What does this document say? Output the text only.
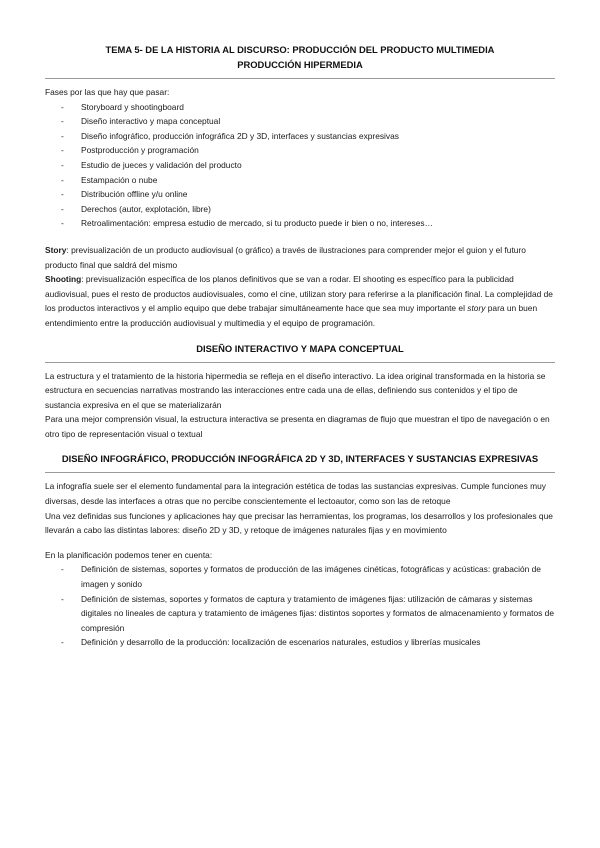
TEMA 5- DE LA HISTORIA AL DISCURSO: PRODUCCIÓN DEL PRODUCTO MULTIMEDIA
PRODUCCIÓN HIPERMEDIA

Fases por las que hay que pasar:

- Storyboard y shootingboard
- Diseño interactivo y mapa conceptual
- Diseño infográfico, producción infográfica 2D y 3D, interfaces y sustancias expresivas
- Postproducción y programación
- Estudio de jueces y validación del producto
- Estampación o nube
- Distribución offline y/u online
- Derechos (autor, explotación, libre)
- Retroalimentación: empresa estudio de mercado, si tu producto puede ir bien o no, intereses…

Story: previsualización de un producto audiovisual (o gráfico) a través de ilustraciones para comprender mejor el guion y el futuro producto final que saldrá del mismo

Shooting: previsualización específica de los planos definitivos que se van a rodar. El shooting es específico para la publicidad audiovisual, pues el resto de productos audiovisuales, como el cine, utilizan story para referirse a la planificación final. La complejidad de los productos interactivos y el amplio equipo que debe trabajar simultáneamente hace que sea muy importante el story para un buen entendimiento entre la producción audiovisual y multimedia y el equipo de programación.

DISEÑO INTERACTIVO Y MAPA CONCEPTUAL

La estructura y el tratamiento de la historia hipermedia se refleja en el diseño interactivo. La idea original transformada en la historia se estructura en secuencias narrativas mostrando las interacciones entre cada una de ellas, definiendo sus contenidos y el tipo de sustancia expresiva en el que se materializarán

Para una mejor comprensión visual, la estructura interactiva se presenta en diagramas de flujo que muestran el tipo de navegación o en otro tipo de representación visual o textual

DISEÑO INFOGRÁFICO, PRODUCCIÓN INFOGRÁFICA 2D Y 3D, INTERFACES Y SUSTANCIAS EXPRESIVAS

La infografía suele ser el elemento fundamental para la integración estética de todas las sustancias expresivas. Cumple funciones muy diversas, desde las interfaces a otras que no percibe conscientemente el lectoautor, como son las de retoque

Una vez definidas sus funciones y aplicaciones hay que precisar las herramientas, los programas, los desarrollos y los profesionales que llevarán a cabo las distintas labores: diseño 2D y 3D, y retoque de imágenes naturales fijas y en movimiento

En la planificación podemos tener en cuenta:

- Definición de sistemas, soportes y formatos de producción de las imágenes cinéticas, fotográficas y acústicas: grabación de imagen y sonido
- Definición de sistemas, soportes y formatos de captura y tratamiento de imágenes fijas: utilización de cámaras y sistemas digitales no lineales de captura y tratamiento de imágenes fijas: distintos soportes y formatos de almacenamiento y formatos de compresión
- Definición y desarrollo de la producción: localización de escenarios naturales, estudios y librerías musicales
